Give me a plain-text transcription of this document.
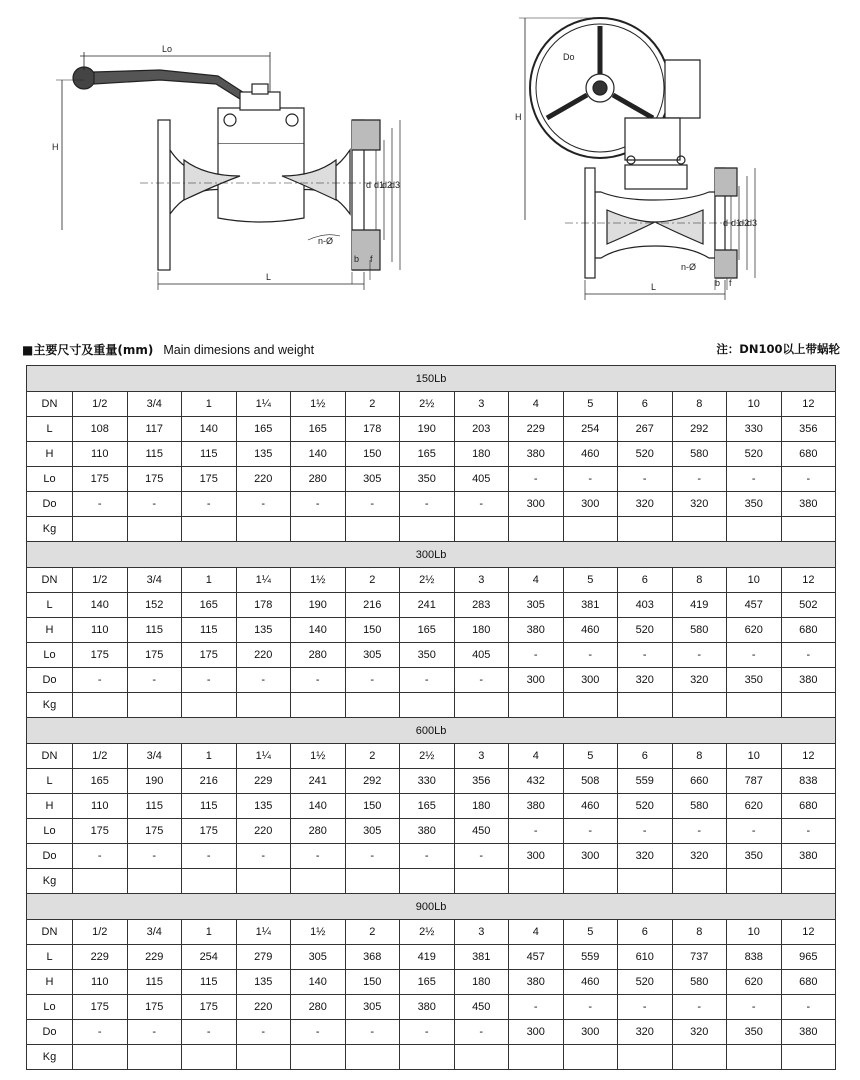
Lo
H
L
d d1
d2
d3
n-Ø
b f
Do
H
L
d d1
d2
d3
n-Ø
b f
■主要尺寸及重量(mm) Main dimesions and weight	注：DN100以上带蜗轮
150Lb														
DN	1/2	3/4	1	1¼	1½	2	2½	3	4	5	6	8	10	12
L	108	117	140	165	165	178	190	203	229	254	267	292	330	356
H	110	115	115	135	140	150	165	180	380	460	520	580	520	680
Lo	175	175	175	220	280	305	350	405	-	-	-	-	-	-
Do	-	-	-	-	-	-	-	-	300	300	320	320	350	380
Kg														
300Lb														
DN	1/2	3/4	1	1¼	1½	2	2½	3	4	5	6	8	10	12
L	140	152	165	178	190	216	241	283	305	381	403	419	457	502
H	110	115	115	135	140	150	165	180	380	460	520	580	620	680
Lo	175	175	175	220	280	305	350	405	-	-	-	-	-	-
Do	-	-	-	-	-	-	-	-	300	300	320	320	350	380
Kg														
600Lb														
DN	1/2	3/4	1	1¼	1½	2	2½	3	4	5	6	8	10	12
L	165	190	216	229	241	292	330	356	432	508	559	660	787	838
H	110	115	115	135	140	150	165	180	380	460	520	580	620	680
Lo	175	175	175	220	280	305	380	450	-	-	-	-	-	-
Do	-	-	-	-	-	-	-	-	300	300	320	320	350	380
Kg														
900Lb														
DN	1/2	3/4	1	1¼	1½	2	2½	3	4	5	6	8	10	12
L	229	229	254	279	305	368	419	381	457	559	610	737	838	965
H	110	115	115	135	140	150	165	180	380	460	520	580	620	680
Lo	175	175	175	220	280	305	380	450	-	-	-	-	-	-
Do	-	-	-	-	-	-	-	-	300	300	320	320	350	380
Kg														
